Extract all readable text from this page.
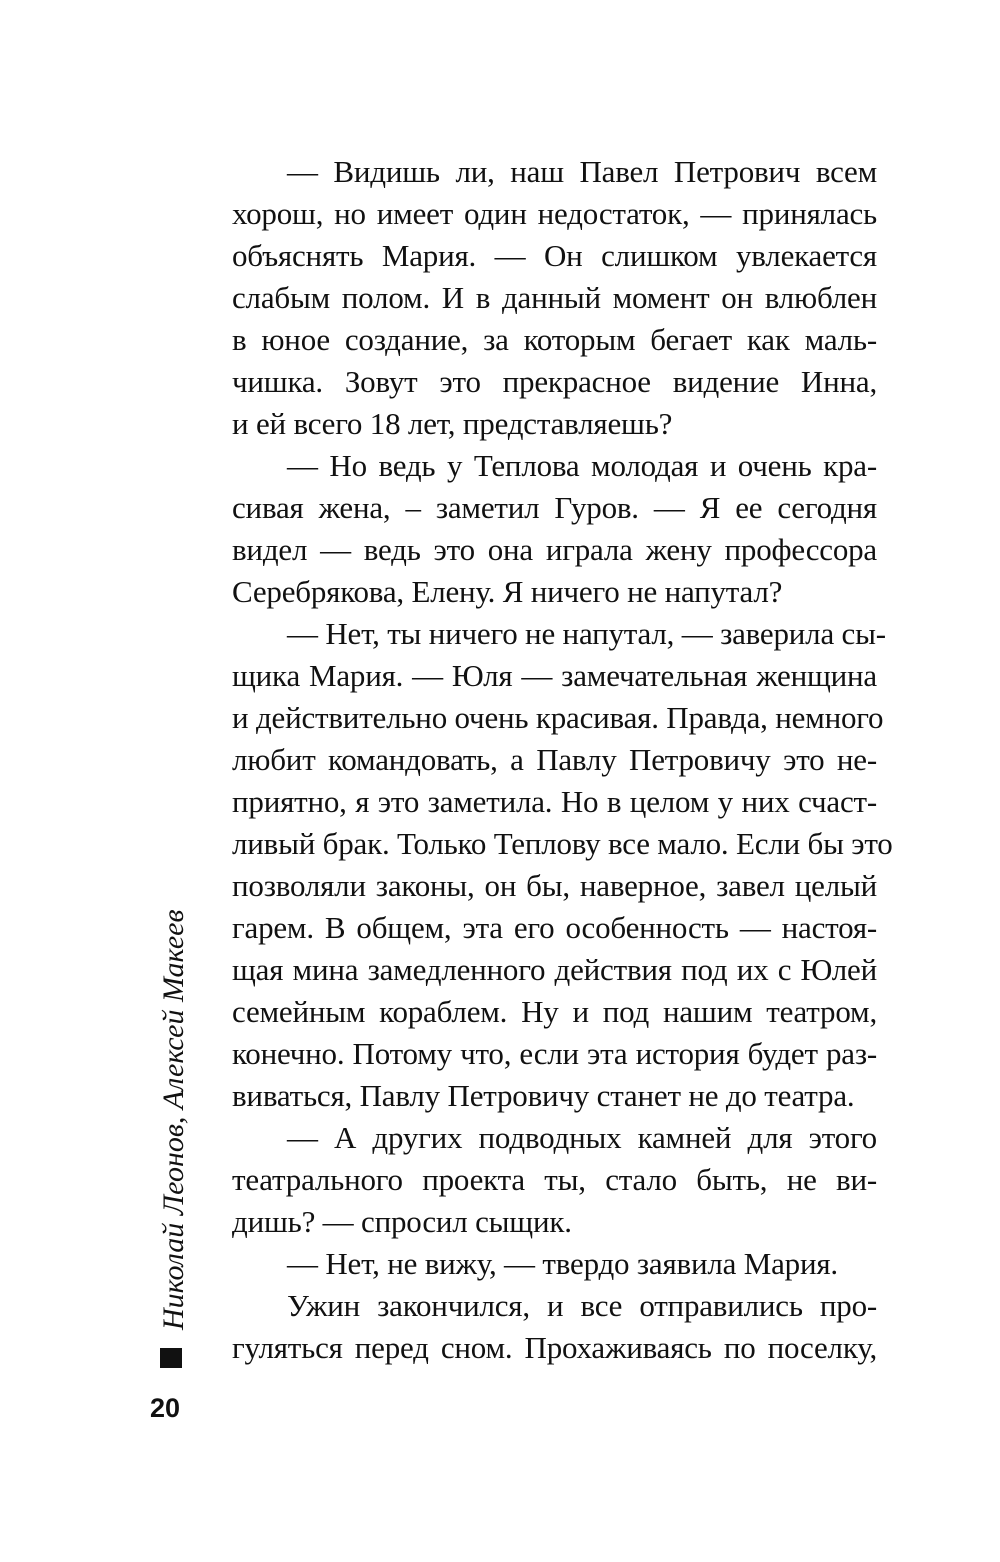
Николай Леонов, Алексей Макеев
20
— Видишь ли, наш Павел Петрович всем
хорош, но имеет один недостаток, — принялась
объяснять Мария. — Он слишком увлекается
слабым полом. И в данный момент он влюблен
в юное создание, за которым бегает как маль-
чишка. Зовут это прекрасное видение Инна,
и ей всего 18 лет, представляешь?
— Но ведь у Теплова молодая и очень кра-
сивая жена, – заметил Гуров. — Я ее сегодня
видел — ведь это она играла жену профессора
Серебрякова, Елену. Я ничего не напутал?
— Нет, ты ничего не напутал, — заверила сы-
щика Мария. — Юля — замечательная женщина
и действительно очень красивая. Правда, немного
любит командовать, а Павлу Петровичу это не-
приятно, я это заметила. Но в целом у них счаст-
ливый брак. Только Теплову все мало. Если бы это
позволяли законы, он бы, наверное, завел целый
гарем. В общем, эта его особенность — настоя-
щая мина замедленного действия под их с Юлей
семейным кораблем. Ну и под нашим театром,
конечно. Потому что, если эта история будет раз-
виваться, Павлу Петровичу станет не до театра.
— А других подводных камней для этого
театрального проекта ты, стало быть, не ви-
дишь? — спросил сыщик.
— Нет, не вижу, — твердо заявила Мария.
Ужин закончился, и все отправились про-
гуляться перед сном. Прохаживаясь по поселку,
